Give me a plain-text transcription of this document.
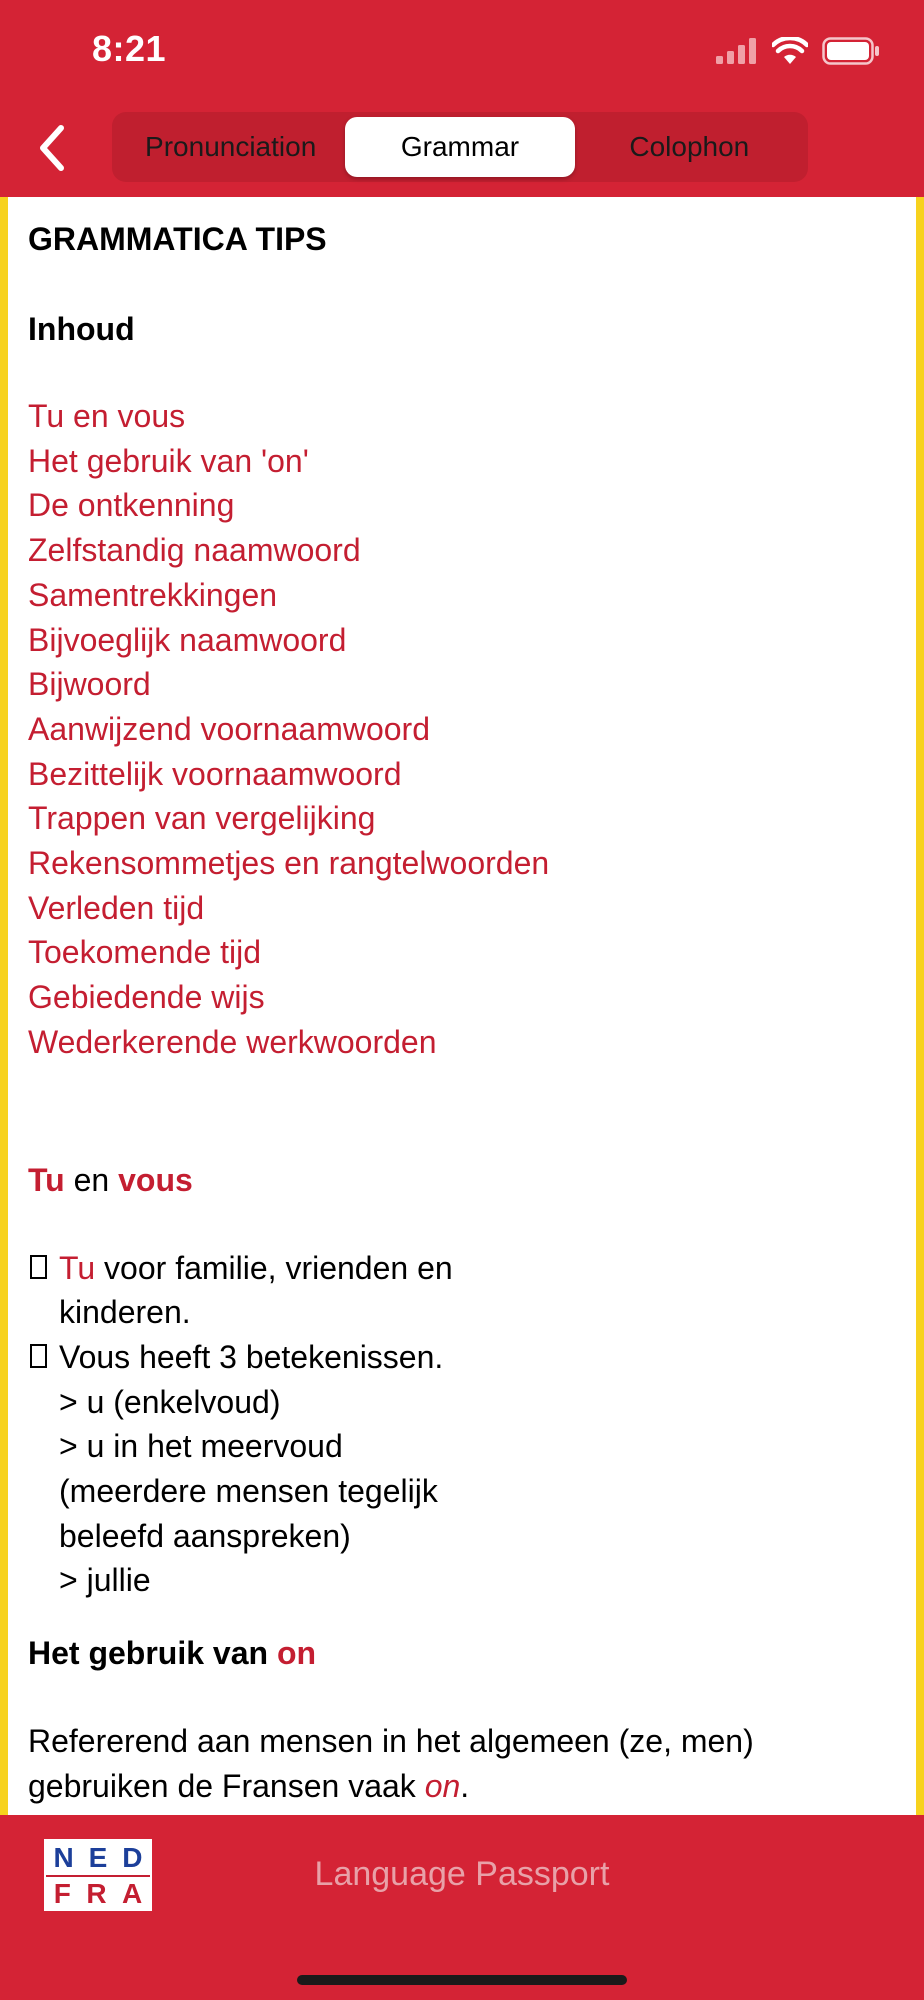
8:21
Pronunciation	Grammar	Colophon

GRAMMATICA TIPS

Inhoud

Tu en vous
Het gebruik van 'on'
De ontkenning
Zelfstandig naamwoord
Samentrekkingen
Bijvoeglijk naamwoord
Bijwoord
Aanwijzend voornaamwoord
Bezittelijk voornaamwoord
Trappen van vergelijking
Rekensommetjes en rangtelwoorden
Verleden tijd
Toekomende tijd
Gebiedende wijs
Wederkerende werkwoorden

Tu en vous

Tu voor familie, vrienden en
kinderen.
Vous heeft 3 betekenissen.
> u (enkelvoud)
> u in het meervoud
(meerdere mensen tegelijk
beleefd aanspreken)
> jullie

Het gebruik van on

Refererend aan mensen in het algemeen (ze, men)
gebruiken de Fransen vaak on.
N E D
F R A
Language Passport
